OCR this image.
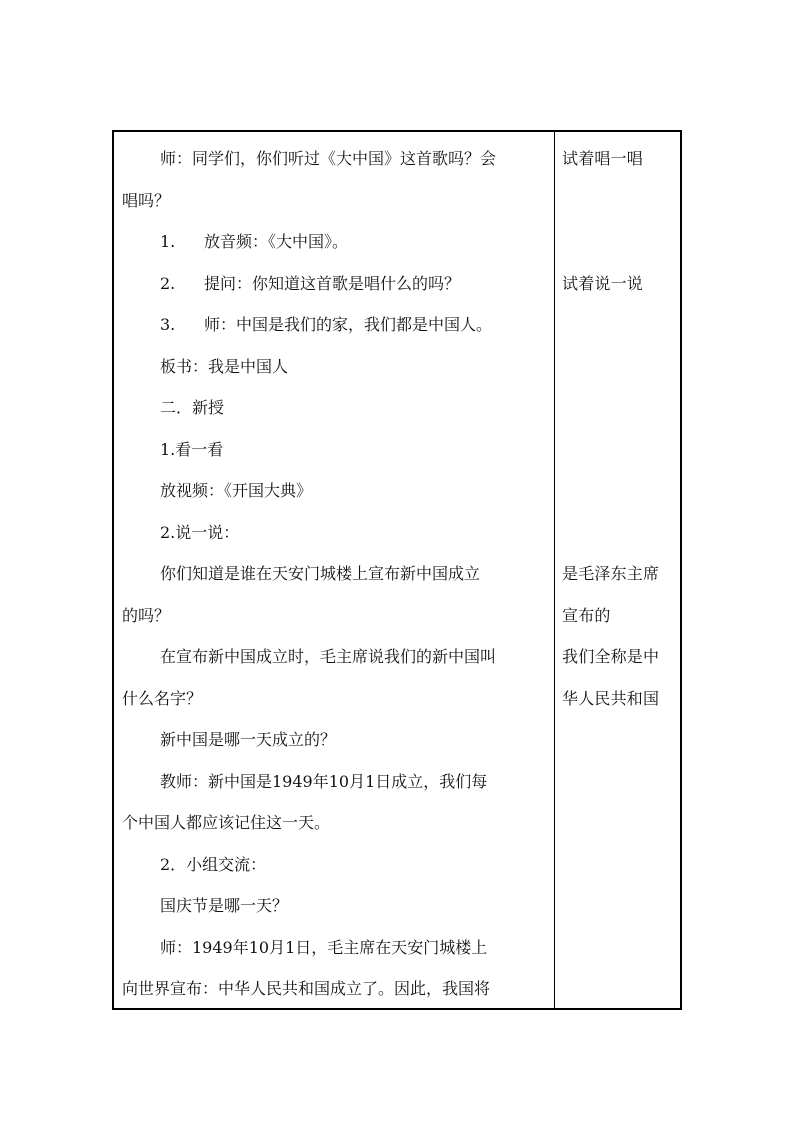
师：同学们，你们听过《大中国》这首歌吗？会
唱吗？
1. 放音频：《大中国》。
2. 提问：你知道这首歌是唱什么的吗？
3. 师：中国是我们的家，我们都是中国人。
板书：我是中国人
二．新授
1.看一看
放视频：《开国大典》
2.说一说：
你们知道是谁在天安门城楼上宣布新中国成立
的吗？
在宣布新中国成立时，毛主席说我们的新中国叫
什么名字？
新中国是哪一天成立的？
教师：新中国是1949年10月1日成立，我们每
个中国人都应该记住这一天。
2．小组交流：
国庆节是哪一天？
师：1949年10月1日，毛主席在天安门城楼上
向世界宣布：中华人民共和国成立了。因此，我国将
试着唱一唱
试着说一说
是毛泽东主席
宣布的
我们全称是中
华人民共和国
